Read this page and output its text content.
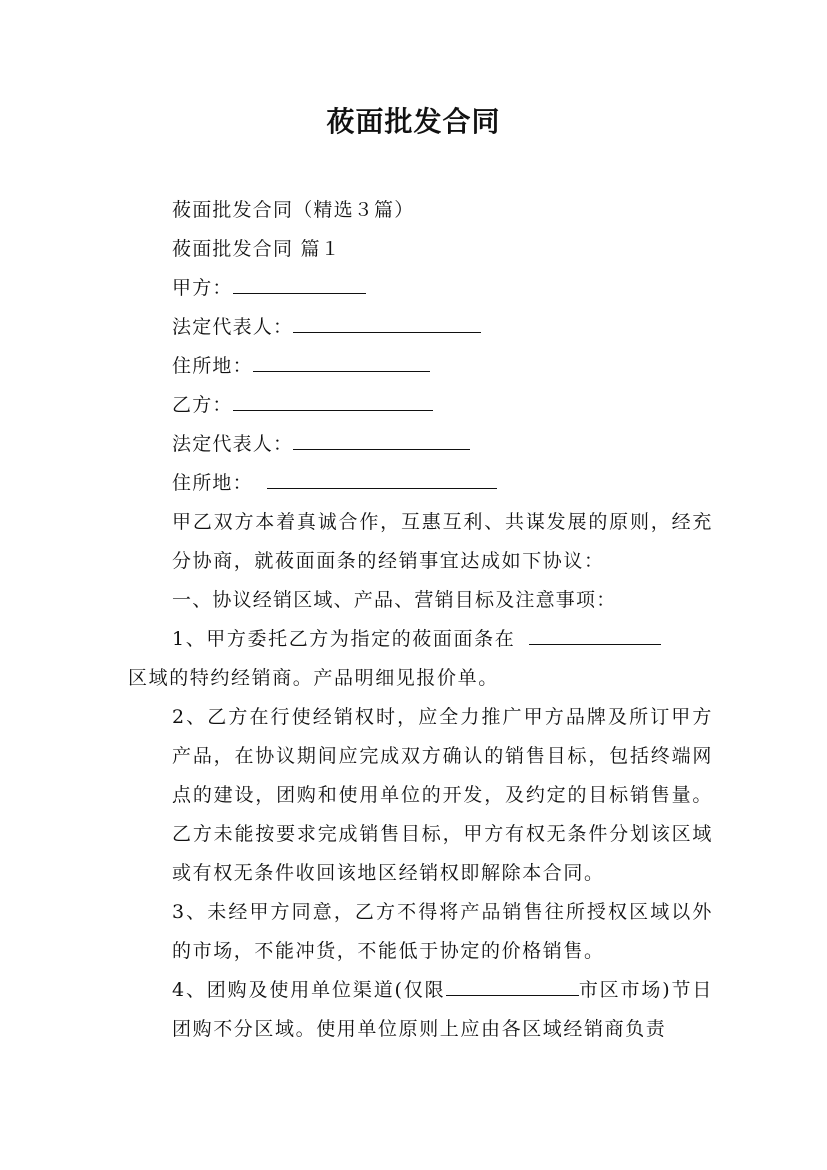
莜面批发合同
莜面批发合同（精选３篇）
莜面批发合同 篇１
甲方：
法定代表人：
住所地：
乙方：
法定代表人：
住所地：
甲乙双方本着真诚合作，互惠互利、共谋发展的原则，经充分协商，就莜面面条的经销事宜达成如下协议：
一、协议经销区域、产品、营销目标及注意事项：
1、甲方委托乙方为指定的莜面面条在
区域的特约经销商。产品明细见报价单。
2、乙方在行使经销权时，应全力推广甲方品牌及所订甲方产品，在协议期间应完成双方确认的销售目标，包括终端网点的建设，团购和使用单位的开发，及约定的目标销售量。乙方未能按要求完成销售目标，甲方有权无条件分划该区域或有权无条件收回该地区经销权即解除本合同。
3、未经甲方同意，乙方不得将产品销售往所授权区域以外的市场，不能冲货，不能低于协定的价格销售。
4、团购及使用单位渠道(仅限	市区市场)节日团购不分区域。使用单位原则上应由各区域经销商负责
